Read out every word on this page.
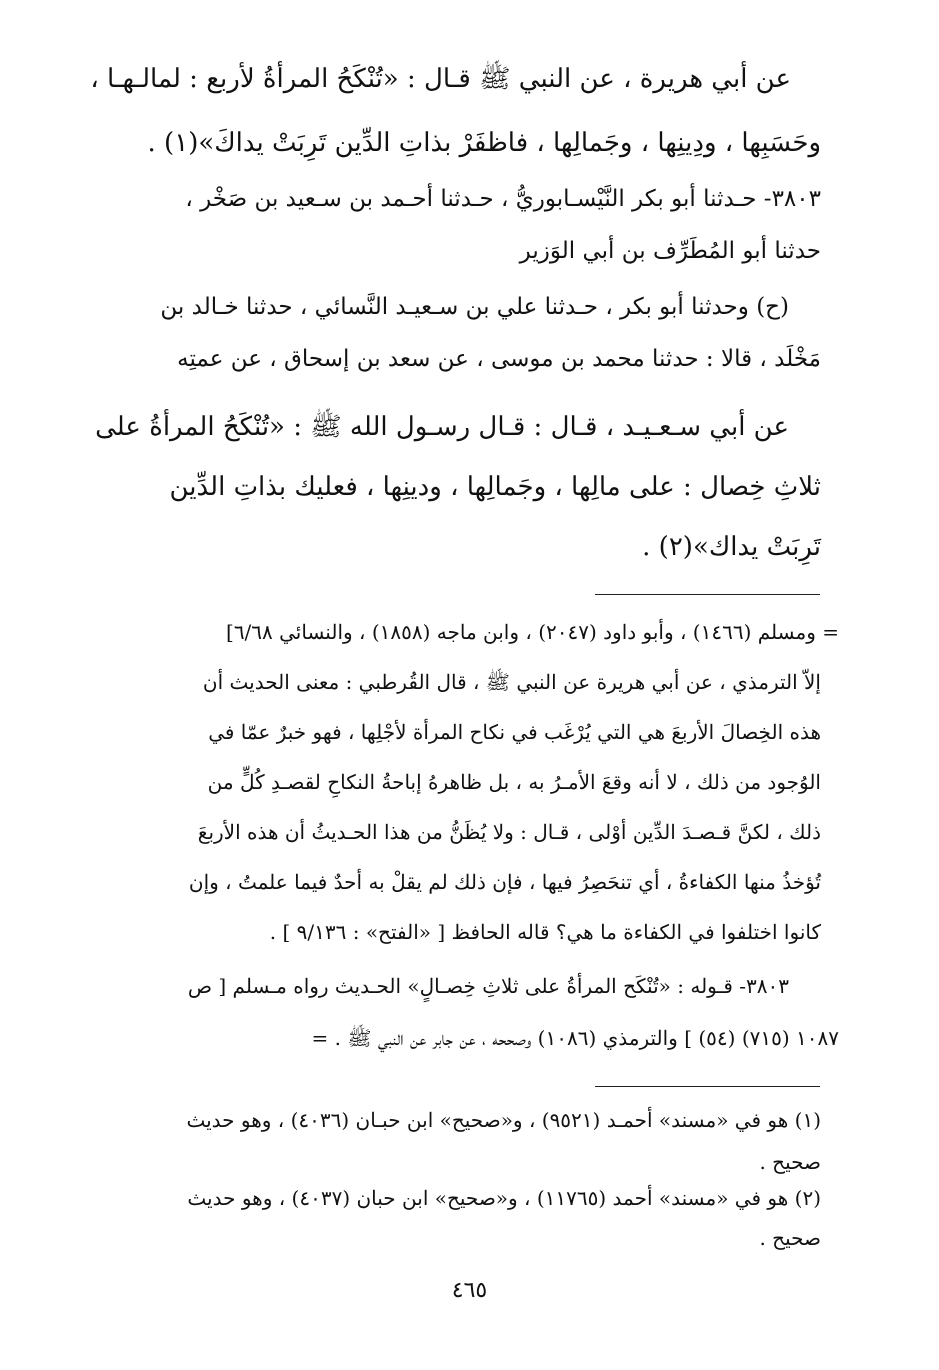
عن أبي هريرة ، عن النبي ﷺ قـال : «تُنْكَحُ المرأةُ لأربع : لمالـهـا ،
وحَسَبِها ، ودِينِها ، وجَمالِها ، فاظفَرْ بذاتِ الدِّين تَرِبَتْ يداكَ»(١) .
٣٨٠٣- حـدثنا أبو بكر النَّيْسـابوريُّ ، حـدثنا أحـمد بن سـعيد بن صَخْر ،
حدثنا أبو المُطَرِّف بن أبي الوَزير
(ح) وحدثنا أبو بكر ، حـدثنا علي بن سـعيـد النَّسائي ، حدثنا خـالد بن
مَخْلَد ، قالا : حدثنا محمد بن موسى ، عن سعد بن إسحاق ، عن عمتِه
عن أبي سـعـيـد ، قـال : قـال رسـول الله ﷺ : «تُنْكَحُ المرأةُ على
ثلاثِ خِصال : على مالِها ، وجَمالِها ، ودينِها ، فعليك بذاتِ الدِّين
تَرِبَتْ يداك»(٢) .
= ومسلم (١٤٦٦) ، وأبو داود (٢٠٤٧) ، وابن ماجه (١٨٥٨) ، والنسائي ٦/٦٨]
إلاّ الترمذي ، عن أبي هريرة عن النبي ﷺ ، قال القُرطبي : معنى الحديث أن
هذه الخِصالَ الأربعَ هي التي يُرْغَب في نكاح المرأة لأجْلِها ، فهو خبرٌ عمّا في
الوُجود من ذلك ، لا أنه وقعَ الأمـرُ به ، بل ظاهرهُ إباحةُ النكاحِ لقصـدِ كُلٍّ من
ذلك ، لكنَّ قـصـدَ الدِّين أوْلى ، قـال : ولا يُظَنُّ من هذا الحـديثُ أن هذه الأربعَ
تُؤخذُ منها الكفاءةُ ، أي تنحَصِرُ فيها ، فإن ذلك لم يقلْ به أحدٌ فيما علمتُ ، وإن
كانوا اختلفوا في الكفاءة ما هي؟ قاله الحافظ [ «الفتح» : ٩/١٣٦ ] .
٣٨٠٣- قـوله : «تُنْكَح المرأةُ على ثلاثِ خِصـالٍ» الحـديث رواه مـسلم [ ص
١٠٨٧ (٧١٥) (٥٤) ] والترمذي (١٠٨٦) وصححه ، عن جابر عن النبي ﷺ . =
(١) هو في «مسند» أحمـد (٩٥٢١) ، و«صحيح» ابن حبـان (٤٠٣٦) ، وهو حديث
صحيح .
(٢) هو في «مسند» أحمد (١١٧٦٥) ، و«صحيح» ابن حبان (٤٠٣٧) ، وهو حديث
صحيح .
٤٦٥
